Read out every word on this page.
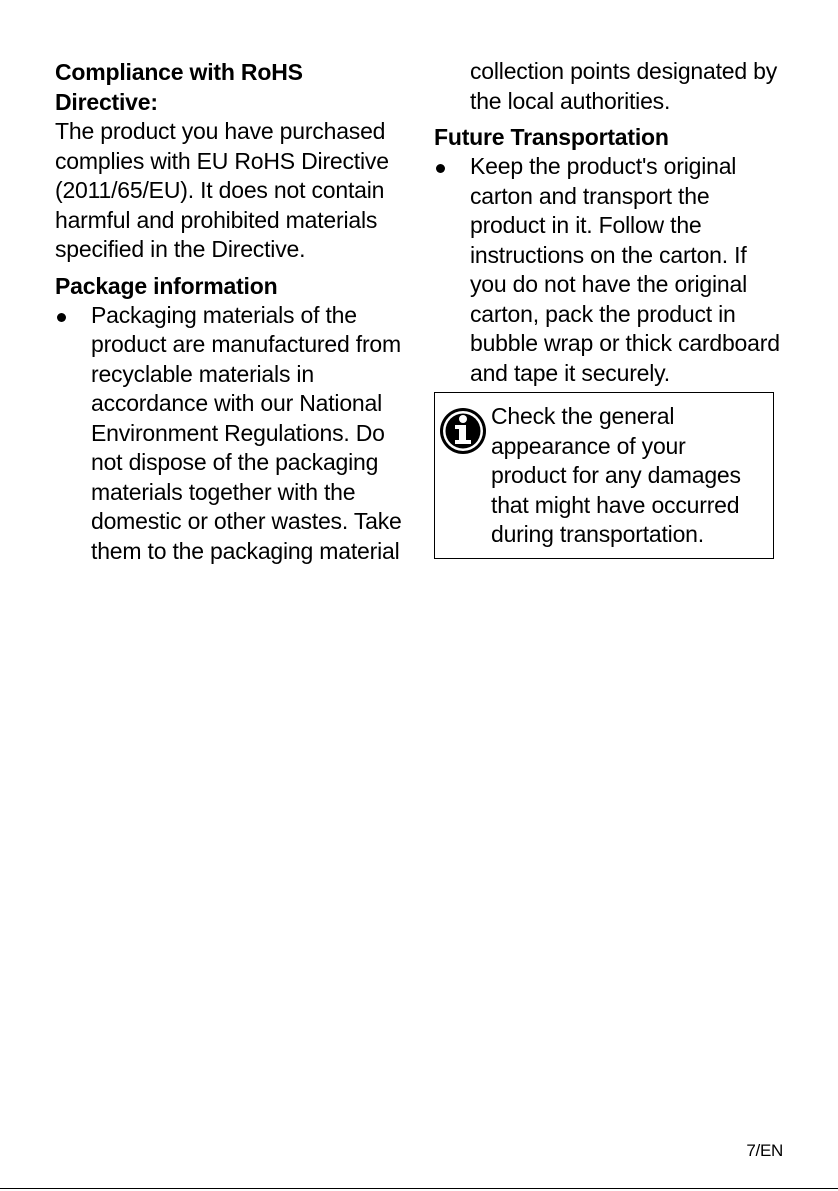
Compliance with RoHS Directive:

The product you have purchased complies with EU RoHS Directive (2011/65/EU). It does not contain harmful and prohibited materials specified in the Directive.

Package information
Packaging materials of the product are manufactured from recyclable materials in accordance with our National Environment Regulations. Do not dispose of the packaging materials together with the domestic or other wastes. Take them to the packaging material

collection points designated by the local authorities.

Future Transportation
Keep the product's original carton and transport the product in it. Follow the instructions on the carton. If you do not have the original carton, pack the product in bubble wrap or thick cardboard and tape it securely.

Check the general appearance of your product for any damages that might have occurred during transportation.

7/EN
